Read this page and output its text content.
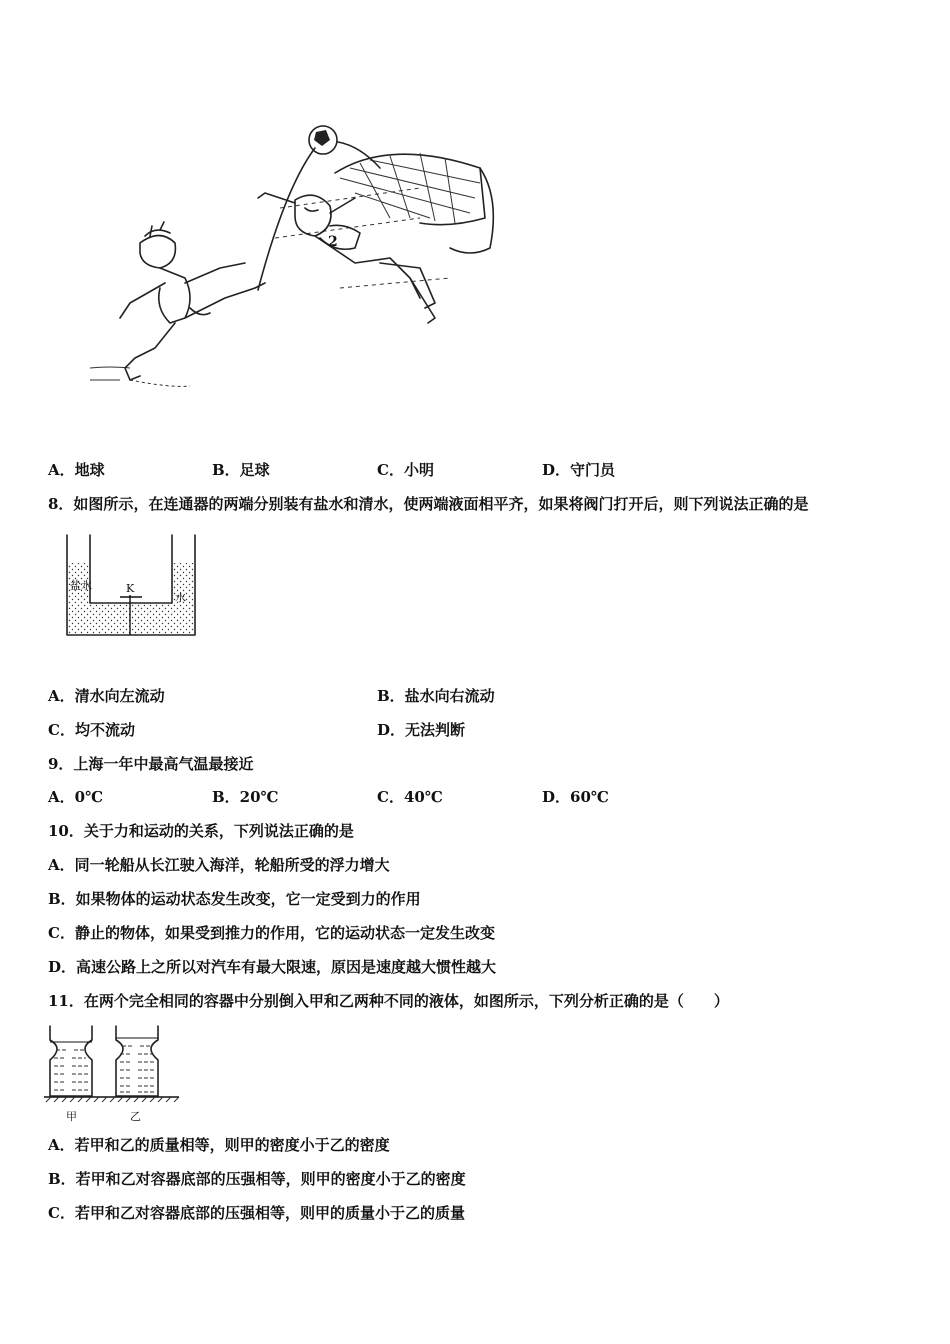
2
A．地球	B．足球	C．小明	D．守门员
8．如图所示，在连通器的两端分别装有盐水和清水，使两端液面相平齐，如果将阀门打开后，则下列说法正确的是
K
盐水
水
A．清水向左流动	B．盐水向右流动
C．均不流动	D．无法判断
9．上海一年中最高气温最接近
A．0℃	B．20℃	C．40℃	D．60℃
10．关于力和运动的关系，下列说法正确的是
A．同一轮船从长江驶入海洋，轮船所受的浮力增大
B．如果物体的运动状态发生改变，它一定受到力的作用
C．静止的物体，如果受到推力的作用，它的运动状态一定发生改变
D．高速公路上之所以对汽车有最大限速，原因是速度越大惯性越大
11．在两个完全相同的容器中分别倒入甲和乙两种不同的液体，如图所示，下列分析正确的是（　　）
甲	乙
A．若甲和乙的质量相等，则甲的密度小于乙的密度
B．若甲和乙对容器底部的压强相等，则甲的密度小于乙的密度
C．若甲和乙对容器底部的压强相等，则甲的质量小于乙的质量
